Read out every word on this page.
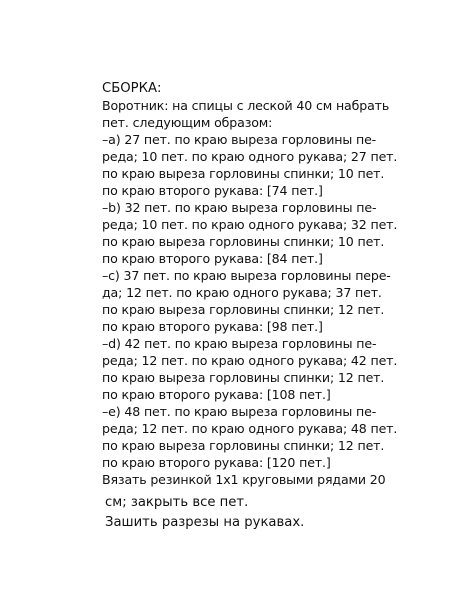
СБОРКА:
Воротник: на спицы с леской 40 см набрать
пет. следующим образом:
–a) 27 пет. по краю выреза горловины пе-
реда; 10 пет. по краю одного рукава; 27 пет.
по краю выреза горловины спинки; 10 пет.
по краю второго рукава: [74 пет.]
–b) 32 пет. по краю выреза горловины пе-
реда; 10 пет. по краю одного рукава; 32 пет.
по краю выреза горловины спинки; 10 пет.
по краю второго рукава: [84 пет.]
–c) 37 пет. по краю выреза горловины пере-
да; 12 пет. по краю одного рукава; 37 пет.
по краю выреза горловины спинки; 12 пет.
по краю второго рукава: [98 пет.]
–d) 42 пет. по краю выреза горловины пе-
реда; 12 пет. по краю одного рукава; 42 пет.
по краю выреза горловины спинки; 12 пет.
по краю второго рукава: [108 пет.]
–e) 48 пет. по краю выреза горловины пе-
реда; 12 пет. по краю одного рукава; 48 пет.
по краю выреза горловины спинки; 12 пет.
по краю второго рукава: [120 пет.]
Вязать резинкой 1x1 круговыми рядами 20
см; закрыть все пет.
Зашить разрезы на рукавах.
